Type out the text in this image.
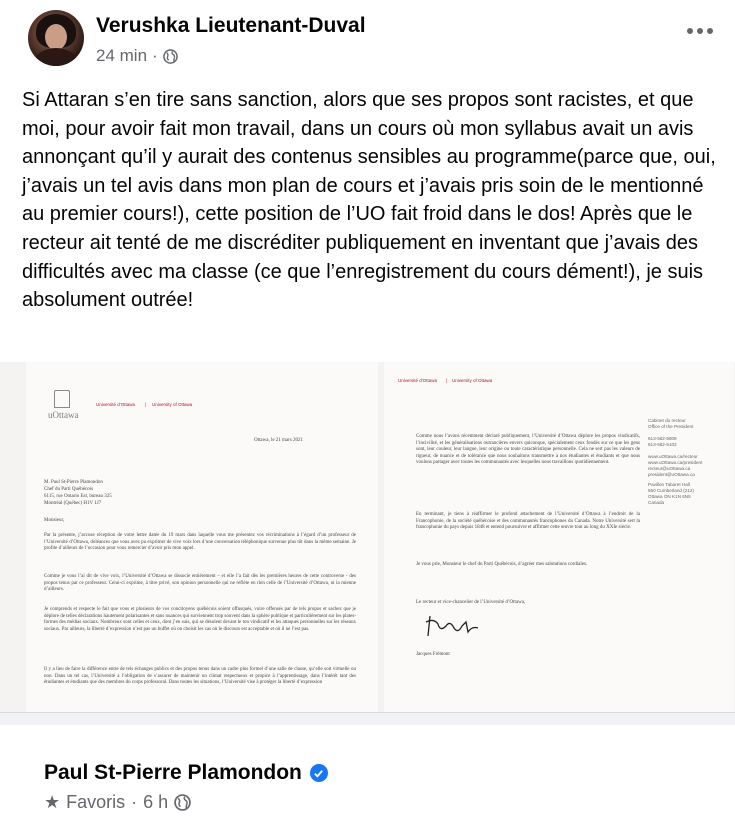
Verushka Lieutenant-Duval
24 min ·
Si Attaran s’en tire sans sanction, alors que ses propos sont racistes, et que moi, pour avoir fait mon travail, dans un cours où mon syllabus avait un avis annonçant qu’il y aurait des contenus sensibles au programme(parce que, oui, j’avais un tel avis dans mon plan de cours et j’avais pris soin de le mentionné au premier cours!), cette position de l’UO fait froid dans le dos! Après que le recteur ait tenté de me discréditer publiquement en inventant que j’avais des difficultés avec ma classe (ce que l’enregistrement du cours dément!), je suis absolument outrée!
uOttawa
Université d’Ottawa | University of Ottawa
Ottawa, le 21 mars 2021
M. Paul St-Pierre Plamondon
Chef du Parti Québécois
6115, rue Ontario Est, bureau 325
Montréal (Québec) H1V 1J7
Monsieur,
Par la présente, j’accuse réception de votre lettre datée du 19 mars dans laquelle vous me présentez vos récriminations à l’égard d’un professeur de l’Université d’Ottawa, doléances que vous avez pu exprimer de vive voix lors d’une conversation téléphonique survenue plus tôt dans la même semaine. Je profite d’ailleurs de l’occasion pour vous remercier d’avoir pris mon appel.
Comme je vous l’ai dit de vive voix, l’Université d’Ottawa se dissocie entièrement – et elle l’a fait dès les premières heures de cette controverse - des propos tenus par ce professeur. Celui-ci exprime, à titre privé, son opinion personnelle qui ne reflète en rien celle de l’Université d’Ottawa, ni la mienne d’ailleurs.
Je comprends et respecte le fait que vous et plusieurs de vos concitoyens québécois soient offusqués, voire offensés par de tels propos et sachez que je déplore de telles déclarations hautement polarisantes et sans nuances qui surviennent trop souvent dans la sphère publique et particulièrement sur les plates-formes des médias sociaux. Nombreux sont celles et ceux, dont j’en suis, qui se désolent devant le ton vindicatif et les attaques personnelles sur les réseaux sociaux. Par ailleurs, la liberté d’expression n’est pas un buffet où on choisit les cas où le discours est acceptable et où il ne l’est pas.
Il y a lieu de faire la différence entre de tels échanges publics et des propos tenus dans un cadre plus formel d’une salle de classe, qu’elle soit virtuelle ou non. Dans un tel cas, l’Université a l’obligation de s’assurer de maintenir un climat respectueux et propice à l’apprentissage, dans l’intérêt tant des étudiantes et étudiants que des membres du corps professoral. Dans toutes les situations, l’Université vise à protéger la liberté d’expression
Université d’Ottawa | University of Ottawa
Comme nous l’avons récemment déclaré publiquement, l’Université d’Ottawa déplore les propos vindicatifs, l’incivilité, et les généralisations outrancières envers quiconque, spécialement ceux fondés sur ce que les gens sont, leur couleur, leur langue, leur origine ou toute caractéristique personnelle. Cela ne sert pas les valeurs de rigueur, de nuance et de tolérance que nous souhaitons transmettre à nos étudiantes et étudiants et que nous voulons partager avec toutes les communautés avec lesquelles nous travaillons quotidiennement.
En terminant, je tiens à réaffirmer le profond attachement de l’Université d’Ottawa à l’endroit de la Francophonie, de la société québécoise et des communautés francophones du Canada. Notre Université sert la francophonie du pays depuis 1848 et entend poursuivre et affirmer cette œuvre tout au long du XXIe siècle.
Je vous prie, Monsieur le chef du Parti Québécois, d’agréer mes salutations cordiales.
Le recteur et vice-chancelier de l’Université d’Ottawa,
Jacques Frémont
Cabinet du recteur
Office of the President
613-562-5809
613-562-5103
www.uOttawa.ca/recteur
www.uOttawa.ca/president
recteur@uOttawa.ca
president@uOttawa.ca
Pavillon Tabaret Hall
550 Cumberland (212)
Ottawa ON K1N 6N5
Canada
Paul St-Pierre Plamondon
★ Favoris · 6 h
